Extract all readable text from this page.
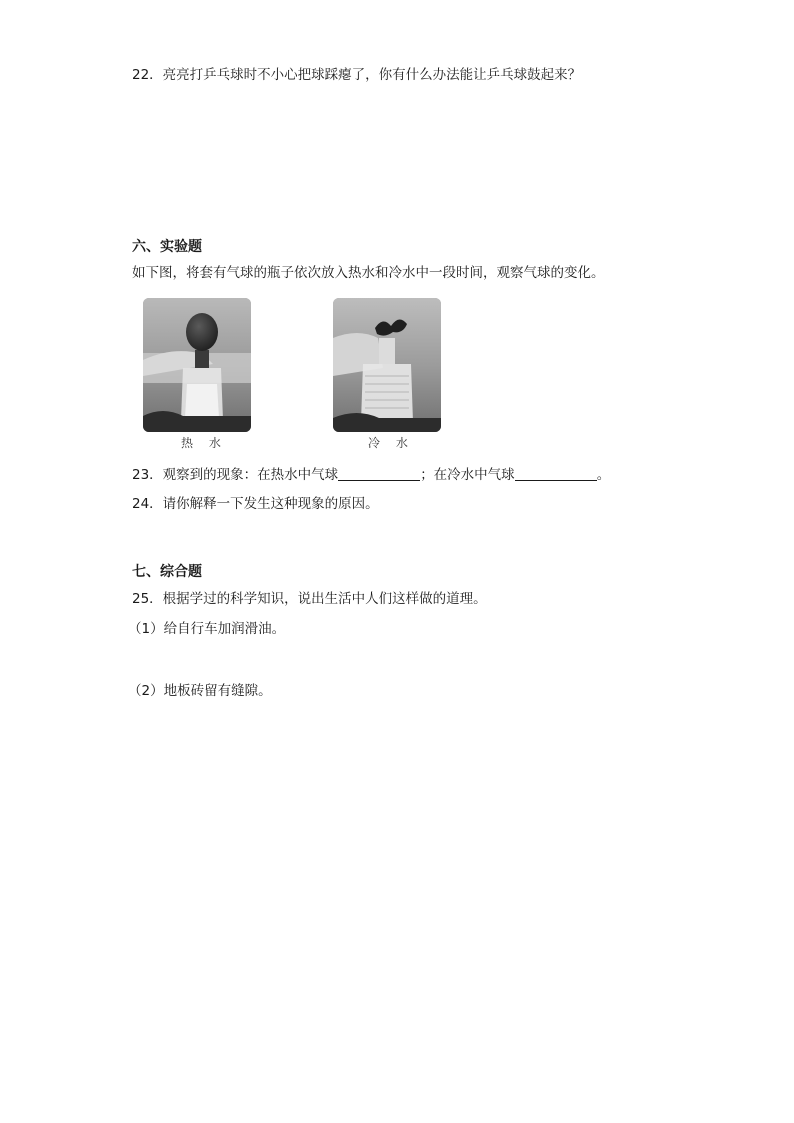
22．亮亮打乒乓球时不小心把球踩瘪了，你有什么办法能让乒乓球鼓起来？
六、实验题
如下图，将套有气球的瓶子依次放入热水和冷水中一段时间，观察气球的变化。
热 水	冷 水
23．观察到的现象：在热水中气球	；在冷水中气球	。
24．请你解释一下发生这种现象的原因。
七、综合题
25．根据学过的科学知识，说出生活中人们这样做的道理。
（1）给自行车加润滑油。
（2）地板砖留有缝隙。
